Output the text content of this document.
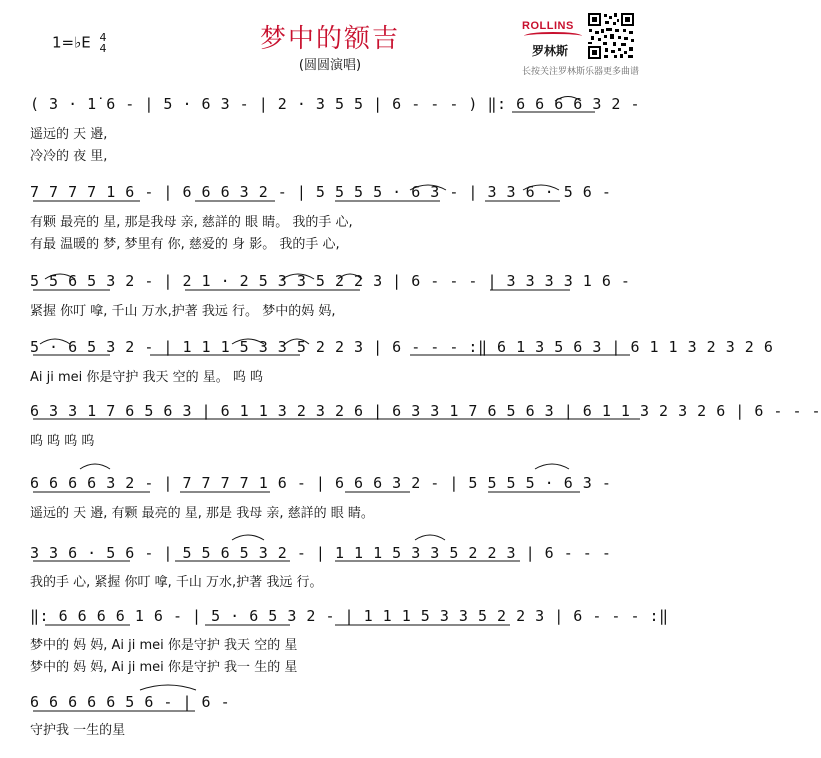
1=♭E 4
4	梦中的额吉
(圆圆演唱)
ROLLINS
罗林斯
长按关注罗林斯乐器更多曲谱
( 3 · 1̇ 6 - | 5 · 6 3 - | 2 · 3 5 5 | 6 - - - ) ‖: 6 6 6 6 3 2 -
遥远的 天 邉,
冷冷的 夜 里,
7 7 7 7 1 6 - | 6 6 6 3 2 - | 5 5 5 5 · 6 3 - | 3 3 6 · 5 6 -
有颗 最亮的 星, 那是我母 亲, 慈詳的 眼 睛。 我的手 心,
有最 温暖的 梦, 梦里有 你, 慈爱的 身 影。 我的手 心,
5 5 6 5 3 2 - | 2 1 · 2 5 3 3 5 2 2 3 | 6 - - - | 3 3 3 3 1 6 -
紧握 你叮 嗱, 千山 万水,护著 我远 行。 梦中的妈 妈,
5 · 6 5 3 2 - | 1 1 1 5 3 3 5 2 2 3 | 6 - - - :‖ 6 1 3 5 6 3 | 6 1 1 3 2 3 2 6
Ai ji mei 你是守护 我天 空的 星。 呜 呜
6 3 3 1 7 6 5 6 3 | 6 1 1 3 2 3 2 6 | 6 3 3 1 7 6 5 6 3 | 6 1 1 3 2 3 2 6 | 6 - - -
呜 呜 呜 呜
6 6 6 6 3 2 - | 7 7 7 7 1 6 - | 6 6 6 3 2 - | 5 5 5 5 · 6 3 -
遥远的 天 邉, 有颗 最亮的 星, 那是 我母 亲, 慈詳的 眼 睛。
3 3 6 · 5 6 - | 5 5 6 5 3 2 - | 1 1 1 5 3 3 5 2 2 3 | 6 - - -
我的手 心, 紧握 你叮 嗱, 千山 万水,护著 我远 行。
‖: 6 6 6 6 1 6 - | 5 · 6 5 3 2 - | 1 1 1 5 3 3 5 2 2 3 | 6 - - - :‖
梦中的 妈 妈, Ai ji mei 你是守护 我天 空的 星
梦中的 妈 妈, Ai ji mei 你是守护 我一 生的 星
6 6 6 6 6 5 6 - | 6 -
守护我 一生的星
